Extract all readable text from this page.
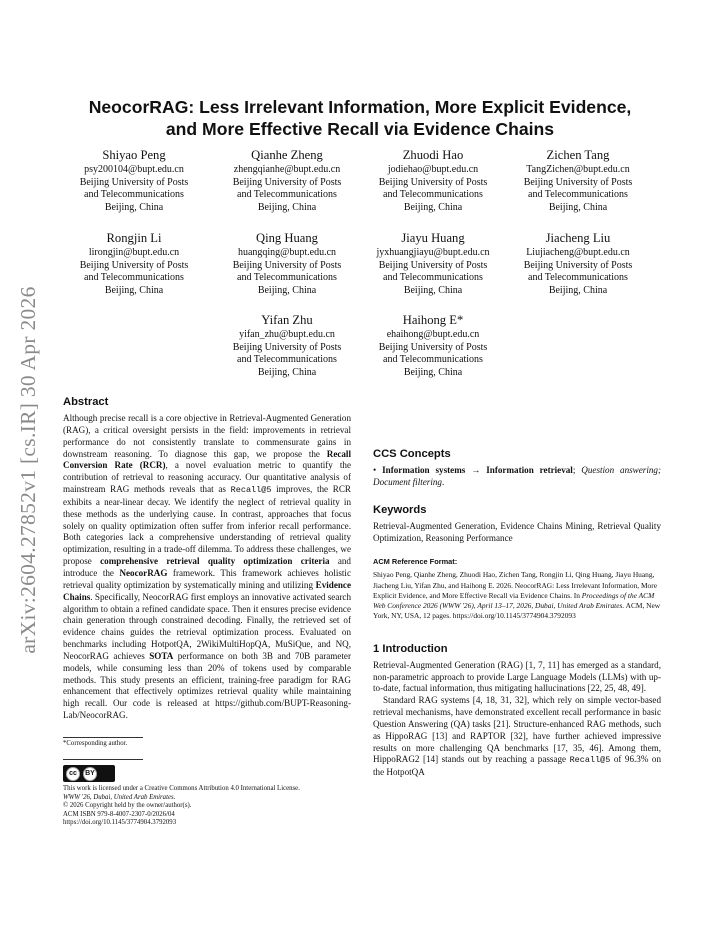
arXiv:2604.27852v1 [cs.IR] 30 Apr 2026
NeocorRAG: Less Irrelevant Information, More Explicit Evidence,
and More Effective Recall via Evidence Chains
Shiyao Peng
psy200104@bupt.edu.cn
Beijing University of Posts
and Telecommunications
Beijing, China
Qianhe Zheng
zhengqianhe@bupt.edu.cn
Beijing University of Posts
and Telecommunications
Beijing, China
Zhuodi Hao
jodiehao@bupt.edu.cn
Beijing University of Posts
and Telecommunications
Beijing, China
Zichen Tang
TangZichen@bupt.edu.cn
Beijing University of Posts
and Telecommunications
Beijing, China
Rongjin Li
lirongjin@bupt.edu.cn
Beijing University of Posts
and Telecommunications
Beijing, China
Qing Huang
huangqing@bupt.edu.cn
Beijing University of Posts
and Telecommunications
Beijing, China
Jiayu Huang
jyxhuangjiayu@bupt.edu.cn
Beijing University of Posts
and Telecommunications
Beijing, China
Jiacheng Liu
Liujiacheng@bupt.edu.cn
Beijing University of Posts
and Telecommunications
Beijing, China
Yifan Zhu
yifan_zhu@bupt.edu.cn
Beijing University of Posts
and Telecommunications
Beijing, China
Haihong E*
ehaihong@bupt.edu.cn
Beijing University of Posts
and Telecommunications
Beijing, China
Abstract

Although precise recall is a core objective in Retrieval-Augmented Generation (RAG), a critical oversight persists in the field: improvements in retrieval performance do not consistently translate to commensurate gains in downstream reasoning. To diagnose this gap, we propose the Recall Conversion Rate (RCR), a novel evaluation metric to quantify the contribution of retrieval to reasoning accuracy. Our quantitative analysis of mainstream RAG methods reveals that as Recall@5 improves, the RCR exhibits a near-linear decay. We identify the neglect of retrieval quality in these methods as the underlying cause. In contrast, approaches that focus solely on quality optimization often suffer from inferior recall performance. Both categories lack a comprehensive understanding of retrieval quality optimization, resulting in a trade-off dilemma. To address these challenges, we propose comprehensive retrieval quality optimization criteria and introduce the NeocorRAG framework. This framework achieves holistic retrieval quality optimization by systematically mining and utilizing Evidence Chains. Specifically, NeocorRAG first employs an innovative activated search algorithm to obtain a refined candidate space. Then it ensures precise evidence chain generation through constrained decoding. Finally, the retrieved set of evidence chains guides the retrieval optimization process. Evaluated on benchmarks including HotpotQA, 2WikiMultiHopQA, MuSiQue, and NQ, NeocorRAG achieves SOTA performance on both 3B and 70B parameter models, while consuming less than 20% of tokens used by comparable methods. This study presents an efficient, training-free paradigm for RAG enhancement that effectively optimizes retrieval quality while maintaining high recall. Our code is released at https://github.com/BUPT-Reasoning-Lab/NeocorRAG.

CCS Concepts

• Information systems → Information retrieval; Question answering; Document filtering.

Keywords

Retrieval-Augmented Generation, Evidence Chains Mining, Retrieval Quality Optimization, Reasoning Performance

ACM Reference Format:

Shiyao Peng, Qianhe Zheng, Zhuodi Hao, Zichen Tang, Rongjin Li, Qing Huang, Jiayu Huang, Jiacheng Liu, Yifan Zhu, and Haihong E. 2026. NeocorRAG: Less Irrelevant Information, More Explicit Evidence, and More Effective Recall via Evidence Chains. In Proceedings of the ACM Web Conference 2026 (WWW '26), April 13–17, 2026, Dubai, United Arab Emirates. ACM, New York, NY, USA, 12 pages. https://doi.org/10.1145/3774904.3792093

1 Introduction

Retrieval-Augmented Generation (RAG) [1, 7, 11] has emerged as a standard, non-parametric approach to provide Large Language Models (LLMs) with up-to-date, factual information, thus mitigating hallucinations [22, 25, 48, 49].

Standard RAG systems [4, 18, 31, 32], which rely on simple vector-based retrieval mechanisms, have demonstrated excellent recall performance in basic Question Answering (QA) tasks [21]. Structure-enhanced RAG methods, such as HippoRAG [13] and RAPTOR [32], have further achieved impressive results on more challenging QA benchmarks [17, 35, 46]. Among them, HippoRAG2 [14] stands out by reaching a passage Recall@5 of 96.3% on the HotpotQA

*Corresponding author.
cc	BY
This work is licensed under a Creative Commons Attribution 4.0 International License.
WWW '26, Dubai, United Arab Emirates.
© 2026 Copyright held by the owner/author(s).
ACM ISBN 979-8-4007-2307-0/2026/04
https://doi.org/10.1145/3774904.3792093
